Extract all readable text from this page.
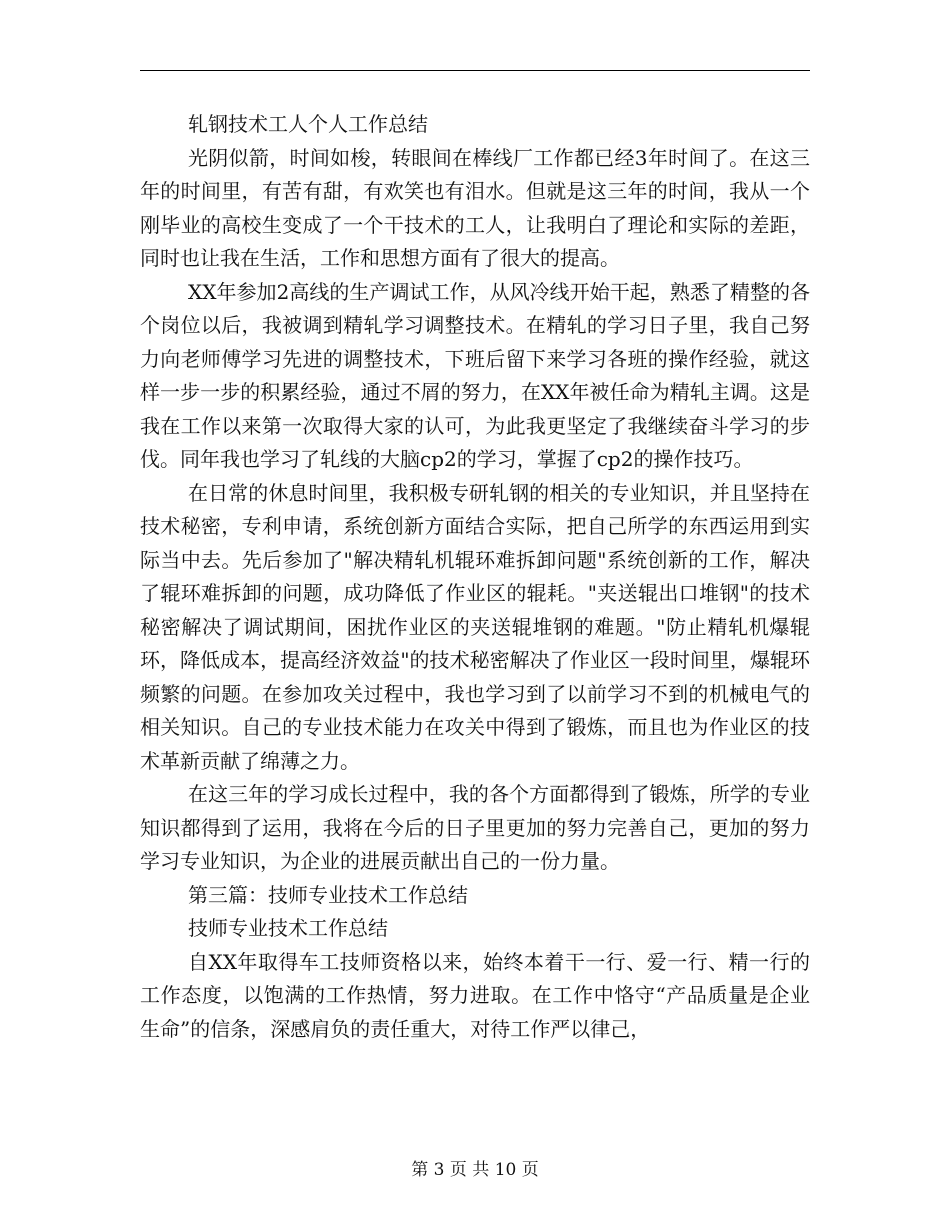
轧钢技术工人个人工作总结

光阴似箭，时间如梭，转眼间在棒线厂工作都已经3年时间了。在这三年的时间里，有苦有甜，有欢笑也有泪水。但就是这三年的时间，我从一个刚毕业的高校生变成了一个干技术的工人，让我明白了理论和实际的差距，同时也让我在生活，工作和思想方面有了很大的提高。

XX年参加2高线的生产调试工作，从风冷线开始干起，熟悉了精整的各个岗位以后，我被调到精轧学习调整技术。在精轧的学习日子里，我自己努力向老师傅学习先进的调整技术，下班后留下来学习各班的操作经验，就这样一步一步的积累经验，通过不屑的努力，在XX年被任命为精轧主调。这是我在工作以来第一次取得大家的认可，为此我更坚定了我继续奋斗学习的步伐。同年我也学习了轧线的大脑cp2的学习，掌握了cp2的操作技巧。

在日常的休息时间里，我积极专研轧钢的相关的专业知识，并且坚持在技术秘密，专利申请，系统创新方面结合实际，把自己所学的东西运用到实际当中去。先后参加了"解决精轧机辊环难拆卸问题"系统创新的工作，解决了辊环难拆卸的问题，成功降低了作业区的辊耗。"夹送辊出口堆钢"的技术秘密解决了调试期间，困扰作业区的夹送辊堆钢的难题。"防止精轧机爆辊环，降低成本，提高经济效益"的技术秘密解决了作业区一段时间里，爆辊环频繁的问题。在参加攻关过程中，我也学习到了以前学习不到的机械电气的相关知识。自己的专业技术能力在攻关中得到了锻炼，而且也为作业区的技术革新贡献了绵薄之力。

在这三年的学习成长过程中，我的各个方面都得到了锻炼，所学的专业知识都得到了运用，我将在今后的日子里更加的努力完善自己，更加的努力学习专业知识，为企业的进展贡献出自己的一份力量。

第三篇：技师专业技术工作总结

技师专业技术工作总结

自XX年取得车工技师资格以来，始终本着干一行、爱一行、精一行的工作态度，以饱满的工作热情，努力进取。在工作中恪守“产品质量是企业生命”的信条，深感肩负的责任重大，对待工作严以律己，

第 3 页 共 10 页
